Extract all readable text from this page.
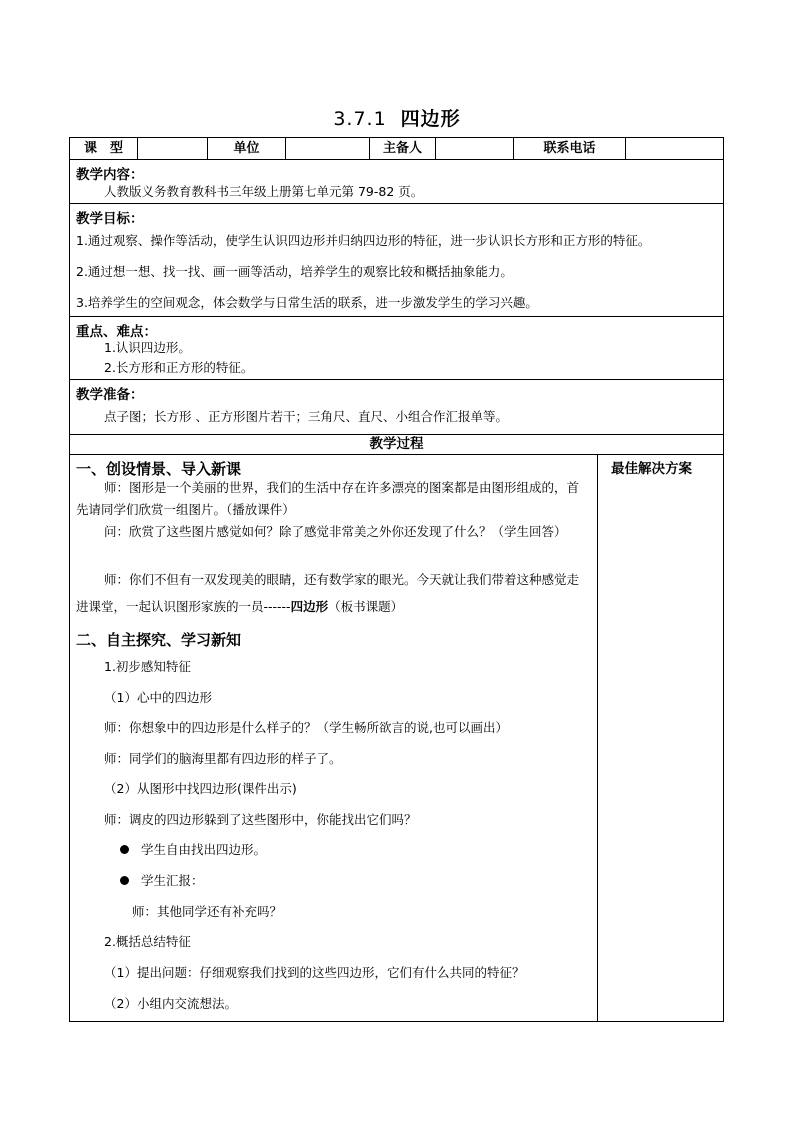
3.7.1 四边形
课　型	单位	主备人	联系电话
教学内容：
人教版义务教育教科书三年级上册第七单元第 79-82 页。
教学目标：
1.通过观察、操作等活动，使学生认识四边形并归纳四边形的特征，进一步认识长方形和正方形的特征。
2.通过想一想、找一找、画一画等活动，培养学生的观察比较和概括抽象能力。
3.培养学生的空间观念，体会数学与日常生活的联系，进一步激发学生的学习兴趣。
重点、难点：
1.认识四边形。
2.长方形和正方形的特征。
教学准备：
点子图；长方形 、正方形图片若干；三角尺、直尺、小组合作汇报单等。
教学过程
最佳解决方案
一、创设情景、导入新课
师：图形是一个美丽的世界，我们的生活中存在许多漂亮的图案都是由图形组成的，首先请同学们欣赏一组图片。（播放课件）
问：欣赏了这些图片感觉如何？除了感觉非常美之外你还发现了什么？（学生回答）
师：你们不但有一双发现美的眼睛，还有数学家的眼光。今天就让我们带着这种感觉走进课堂，一起认识图形家族的一员------四边形（板书课题）
二、自主探究、学习新知
1.初步感知特征
（1）心中的四边形
师：你想象中的四边形是什么样子的？（学生畅所欲言的说,也可以画出）
师：同学们的脑海里都有四边形的样子了。
（2）从图形中找四边形(课件出示)
师：调皮的四边形躲到了这些图形中，你能找出它们吗？
学生自由找出四边形。
学生汇报：
师：其他同学还有补充吗？
2.概括总结特征
（1）提出问题：仔细观察我们找到的这些四边形，它们有什么共同的特征？
（2）小组内交流想法。
